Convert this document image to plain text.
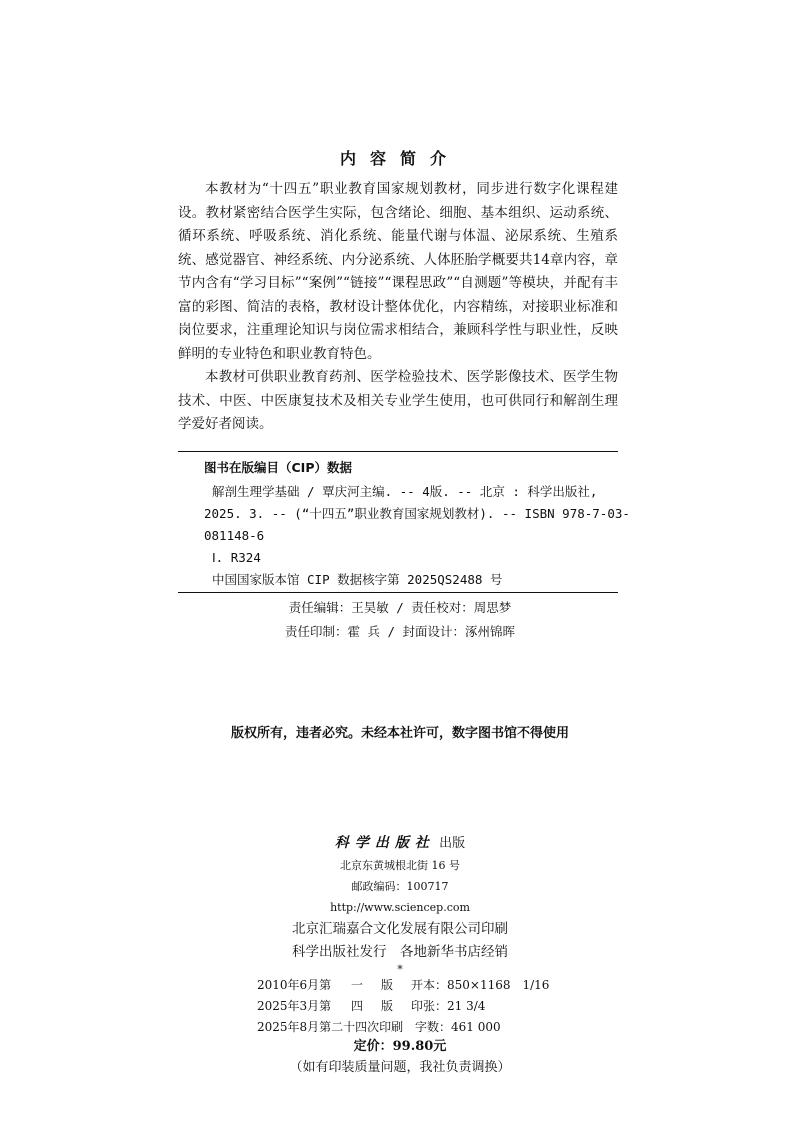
内容简介

本教材为“十四五”职业教育国家规划教材，同步进行数字化课程建设。教材紧密结合医学生实际，包含绪论、细胞、基本组织、运动系统、循环系统、呼吸系统、消化系统、能量代谢与体温、泌尿系统、生殖系统、感觉器官、神经系统、内分泌系统、人体胚胎学概要共14章内容，章节内含有“学习目标”“案例”“链接”“课程思政”“自测题”等模块，并配有丰富的彩图、简洁的表格，教材设计整体优化，内容精练，对接职业标准和岗位要求，注重理论知识与岗位需求相结合，兼顾科学性与职业性，反映鲜明的专业特色和职业教育特色。

本教材可供职业教育药剂、医学检验技术、医学影像技术、医学生物技术、中医、中医康复技术及相关专业学生使用，也可供同行和解剖生理学爱好者阅读。

图书在版编目（CIP）数据
解剖生理学基础 / 覃庆河主编. -- 4版. -- 北京 : 科学出版社,
2025. 3. -- (“十四五”职业教育国家规划教材). -- ISBN 978-7-03-
081148-6
Ⅰ. R324
中国国家版本馆 CIP 数据核字第 2025QS2488 号
责任编辑：王昊敏 / 责任校对：周思梦
责任印制：霍 兵 / 封面设计：涿州锦晖
版权所有，违者必究。未经本社许可，数字图书馆不得使用
科学出版社 出版
北京东黄城根北街 16 号
邮政编码：100717
http://www.sciencep.com
北京汇瑞嘉合文化发展有限公司印刷
科学出版社发行　各地新华书店经销
*
2010年6月第	一	版	开本：850×1168　1/16
2025年3月第	四	版	印张：21 3/4
2025年8月第二十四次印刷 字数：461 000
定价：99.80元
（如有印装质量问题，我社负责调换）
